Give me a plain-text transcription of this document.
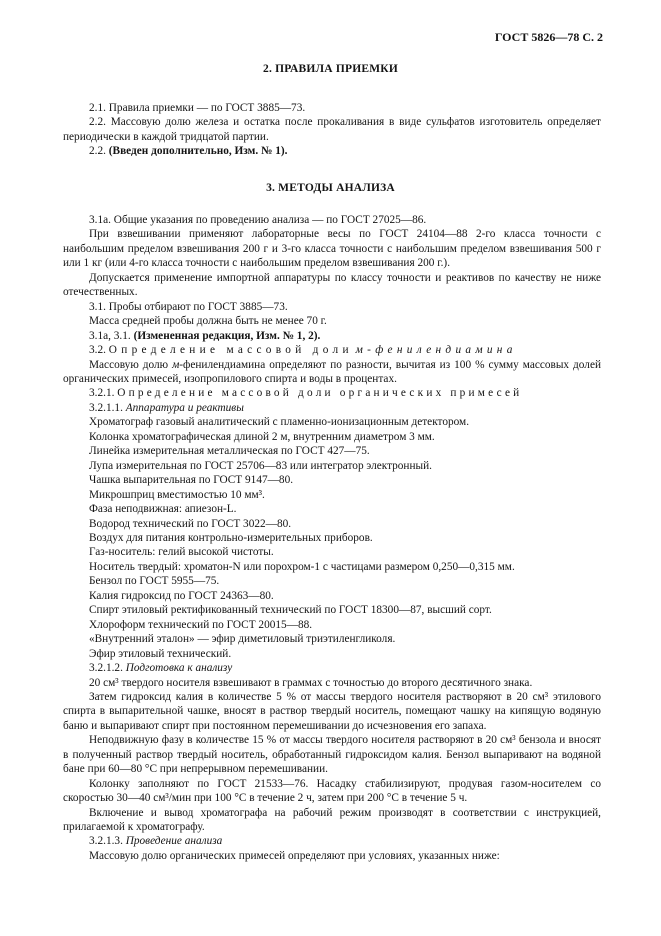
ГОСТ 5826—78 С. 2
2. ПРАВИЛА ПРИЕМКИ

2.1. Правила приемки — по ГОСТ 3885—73.

2.2. Массовую долю железа и остатка после прокаливания в виде сульфатов изготовитель определяет периодически в каждой тридцатой партии.

2.2. (Введен дополнительно, Изм. № 1).

3. МЕТОДЫ АНАЛИЗА

3.1а. Общие указания по проведению анализа — по ГОСТ 27025—86.

При взвешивании применяют лабораторные весы по ГОСТ 24104—88 2-го класса точности с наибольшим пределом взвешивания 200 г и 3-го класса точности с наибольшим пределом взвешивания 500 г или 1 кг (или 4-го класса точности с наибольшим пределом взвешивания 200 г.).

Допускается применение импортной аппаратуры по классу точности и реактивов по качеству не ниже отечественных.

3.1. Пробы отбирают по ГОСТ 3885—73.

Масса средней пробы должна быть не менее 70 г.

3.1а, 3.1. (Измененная редакция, Изм. № 1, 2).

3.2. Определение массовой доли м-фенилендиамина

Массовую долю м-фенилендиамина определяют по разности, вычитая из 100 % сумму массовых долей органических примесей, изопропилового спирта и воды в процентах.

3.2.1. Определение массовой доли органических примесей

3.2.1.1. Аппаратура и реактивы

Хроматограф газовый аналитический с пламенно-ионизационным детектором.

Колонка хроматографическая длиной 2 м, внутренним диаметром 3 мм.

Линейка измерительная металлическая по ГОСТ 427—75.

Лупа измерительная по ГОСТ 25706—83 или интегратор электронный.

Чашка выпарительная по ГОСТ 9147—80.

Микрошприц вместимостью 10 мм³.

Фаза неподвижная: апиезон-L.

Водород технический по ГОСТ 3022—80.

Воздух для питания контрольно-измерительных приборов.

Газ-носитель: гелий высокой чистоты.

Носитель твердый: хроматон-N или порохром-1 с частицами размером 0,250—0,315 мм.

Бензол по ГОСТ 5955—75.

Калия гидроксид по ГОСТ 24363—80.

Спирт этиловый ректификованный технический по ГОСТ 18300—87, высший сорт.

Хлороформ технический по ГОСТ 20015—88.

«Внутренний эталон» — эфир диметиловый триэтиленгликоля.

Эфир этиловый технический.

3.2.1.2. Подготовка к анализу

20 см³ твердого носителя взвешивают в граммах с точностью до второго десятичного знака.

Затем гидроксид калия в количестве 5 % от массы твердого носителя растворяют в 20 см³ этилового спирта в выпарительной чашке, вносят в раствор твердый носитель, помещают чашку на кипящую водяную баню и выпаривают спирт при постоянном перемешивании до исчезновения его запаха.

Неподвижную фазу в количестве 15 % от массы твердого носителя растворяют в 20 см³ бензола и вносят в полученный раствор твердый носитель, обработанный гидроксидом калия. Бензол выпаривают на водяной бане при 60—80 °С при непрерывном перемешивании.

Колонку заполняют по ГОСТ 21533—76. Насадку стабилизируют, продувая газом-носителем со скоростью 30—40 см³/мин при 100 °С в течение 2 ч, затем при 200 °С в течение 5 ч.

Включение и вывод хроматографа на рабочий режим производят в соответствии с инструкцией, прилагаемой к хроматографу.

3.2.1.3. Проведение анализа

Массовую долю органических примесей определяют при условиях, указанных ниже:
